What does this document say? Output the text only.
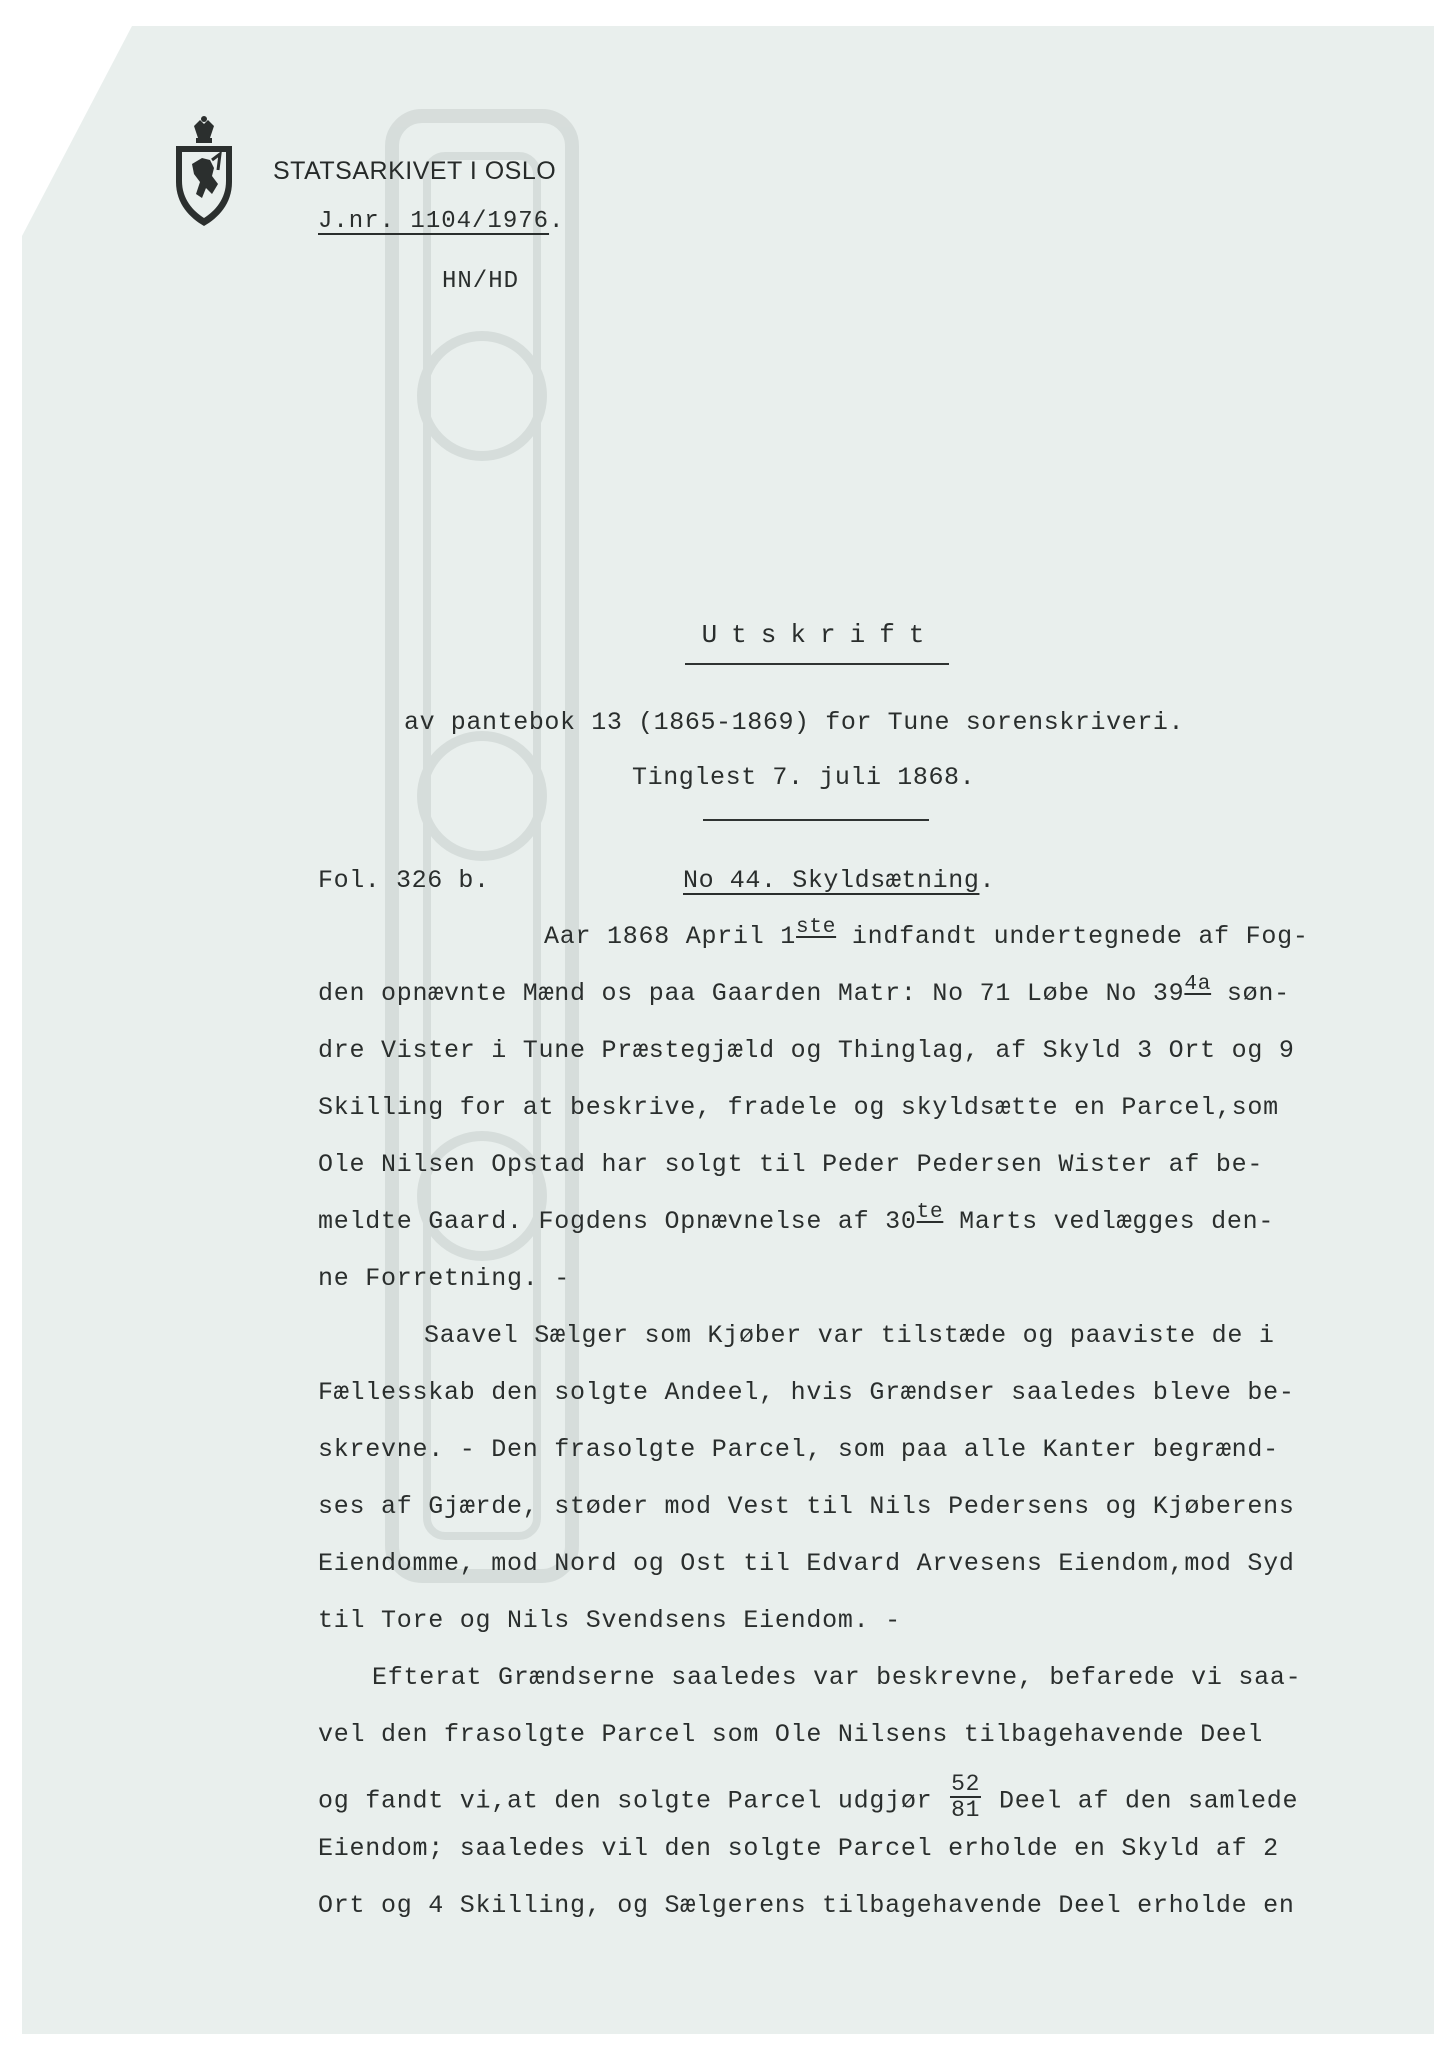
STATSARKIVET I OSLO
J.nr. 1104/1976.
HN/HD
Utskrift
av pantebok 13 (1865-1869) for Tune sorenskriveri.
Tinglest 7. juli 1868.
Fol. 326 b.	No 44. Skyldsætning.
Aar 1868 April 1ste indfandt undertegnede af Fog-
den opnævnte Mænd os paa Gaarden Matr: No 71 Løbe No $39^{4a}$ søn-
dre Vister i Tune Præstegjæld og Thinglag, af Skyld 3 Ort og 9
Skilling for at beskrive, fradele og skyldsætte en Parcel,som
Ole Nilsen Opstad har solgt til Peder Pedersen Wister af be-
meldte Gaard. Fogdens Opnævnelse af $30^{te}$ Marts vedlægges den-
ne Forretning. -
Saavel Sælger som Kjøber var tilstæde og paaviste de i
Fællesskab den solgte Andeel, hvis Grændser saaledes bleve be-
skrevne. - Den frasolgte Parcel, som paa alle Kanter begrænd-
ses af Gjærde, støder mod Vest til Nils Pedersens og Kjøberens
Eiendomme, mod Nord og Ost til Edvard Arvesens Eiendom,mod Syd
til Tore og Nils Svendsens Eiendom. -
Efterat Grændserne saaledes var beskrevne, befarede vi saa-
vel den frasolgte Parcel som Ole Nilsens tilbagehavende Deel
og fandt vi,at den solgte Parcel udgjør $\frac{52}{81}$ Deel af den samlede
Eiendom; saaledes vil den solgte Parcel erholde en Skyld af 2
Ort og 4 Skilling, og Sælgerens tilbagehavende Deel erholde en
